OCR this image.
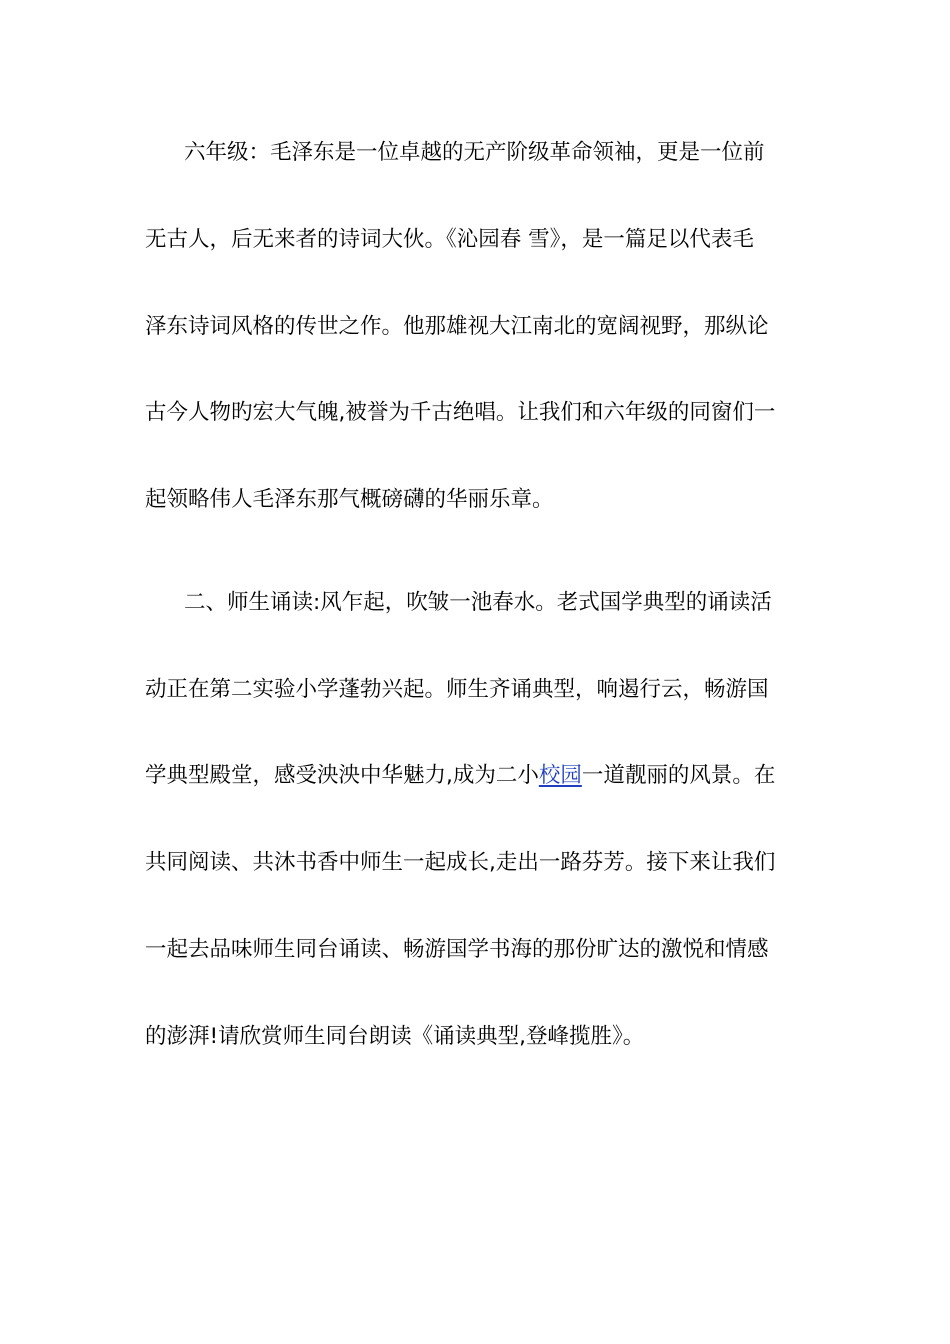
六年级：毛泽东是一位卓越的无产阶级革命领袖，更是一位前
无古人，后无来者的诗词大伙。《沁园春 雪》，是一篇足以代表毛
泽东诗词风格的传世之作。他那雄视大江南北的宽阔视野，那纵论
古今人物旳宏大气魄,被誉为千古绝唱。让我们和六年级的同窗们一
起领略伟人毛泽东那气概磅礴的华丽乐章。
二、师生诵读:风乍起，吹皱一池春水。老式国学典型的诵读活
动正在第二实验小学蓬勃兴起。师生齐诵典型，响遏行云，畅游国
学典型殿堂，感受泱泱中华魅力,成为二小校园一道靓丽的风景。在
共同阅读、共沐书香中师生一起成长,走出一路芬芳。接下来让我们
一起去品味师生同台诵读、畅游国学书海的那份旷达的激悦和情感
的澎湃!请欣赏师生同台朗读《诵读典型,登峰揽胜》。
